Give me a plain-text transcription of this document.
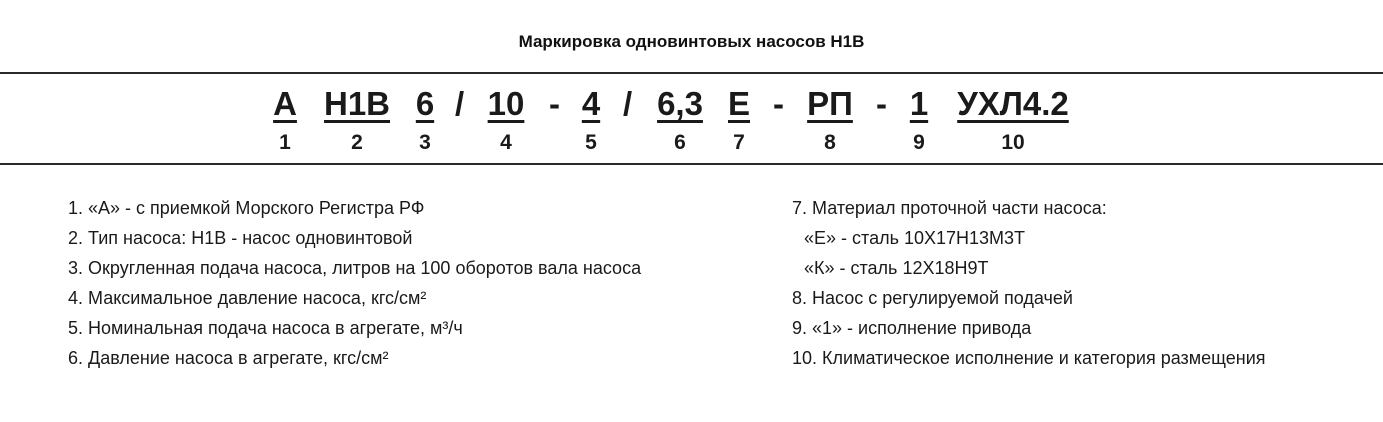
Маркировка одновинтовых насосов Н1В
А
1
Н1В
2
6
3
/ 10
4
- 4
5
/ 6,3
6
Е
7
- РП
8
- 1
9
УХЛ4.2
10
1. «А» - с приемкой Морского Регистра РФ
2. Тип насоса: Н1В - насос одновинтовой
3. Округленная подача насоса, литров на 100 оборотов вала насоса
4. Максимальное давление насоса, кгс/см²
5. Номинальная подача насоса в агрегате, м³/ч
6. Давление насоса в агрегате, кгс/см²
7. Материал проточной части насоса:
«Е» - сталь 10Х17Н13М3Т
«К» - сталь 12Х18Н9Т
8. Насос с регулируемой подачей
9. «1» - исполнение привода
10. Климатическое исполнение и категория размещения
